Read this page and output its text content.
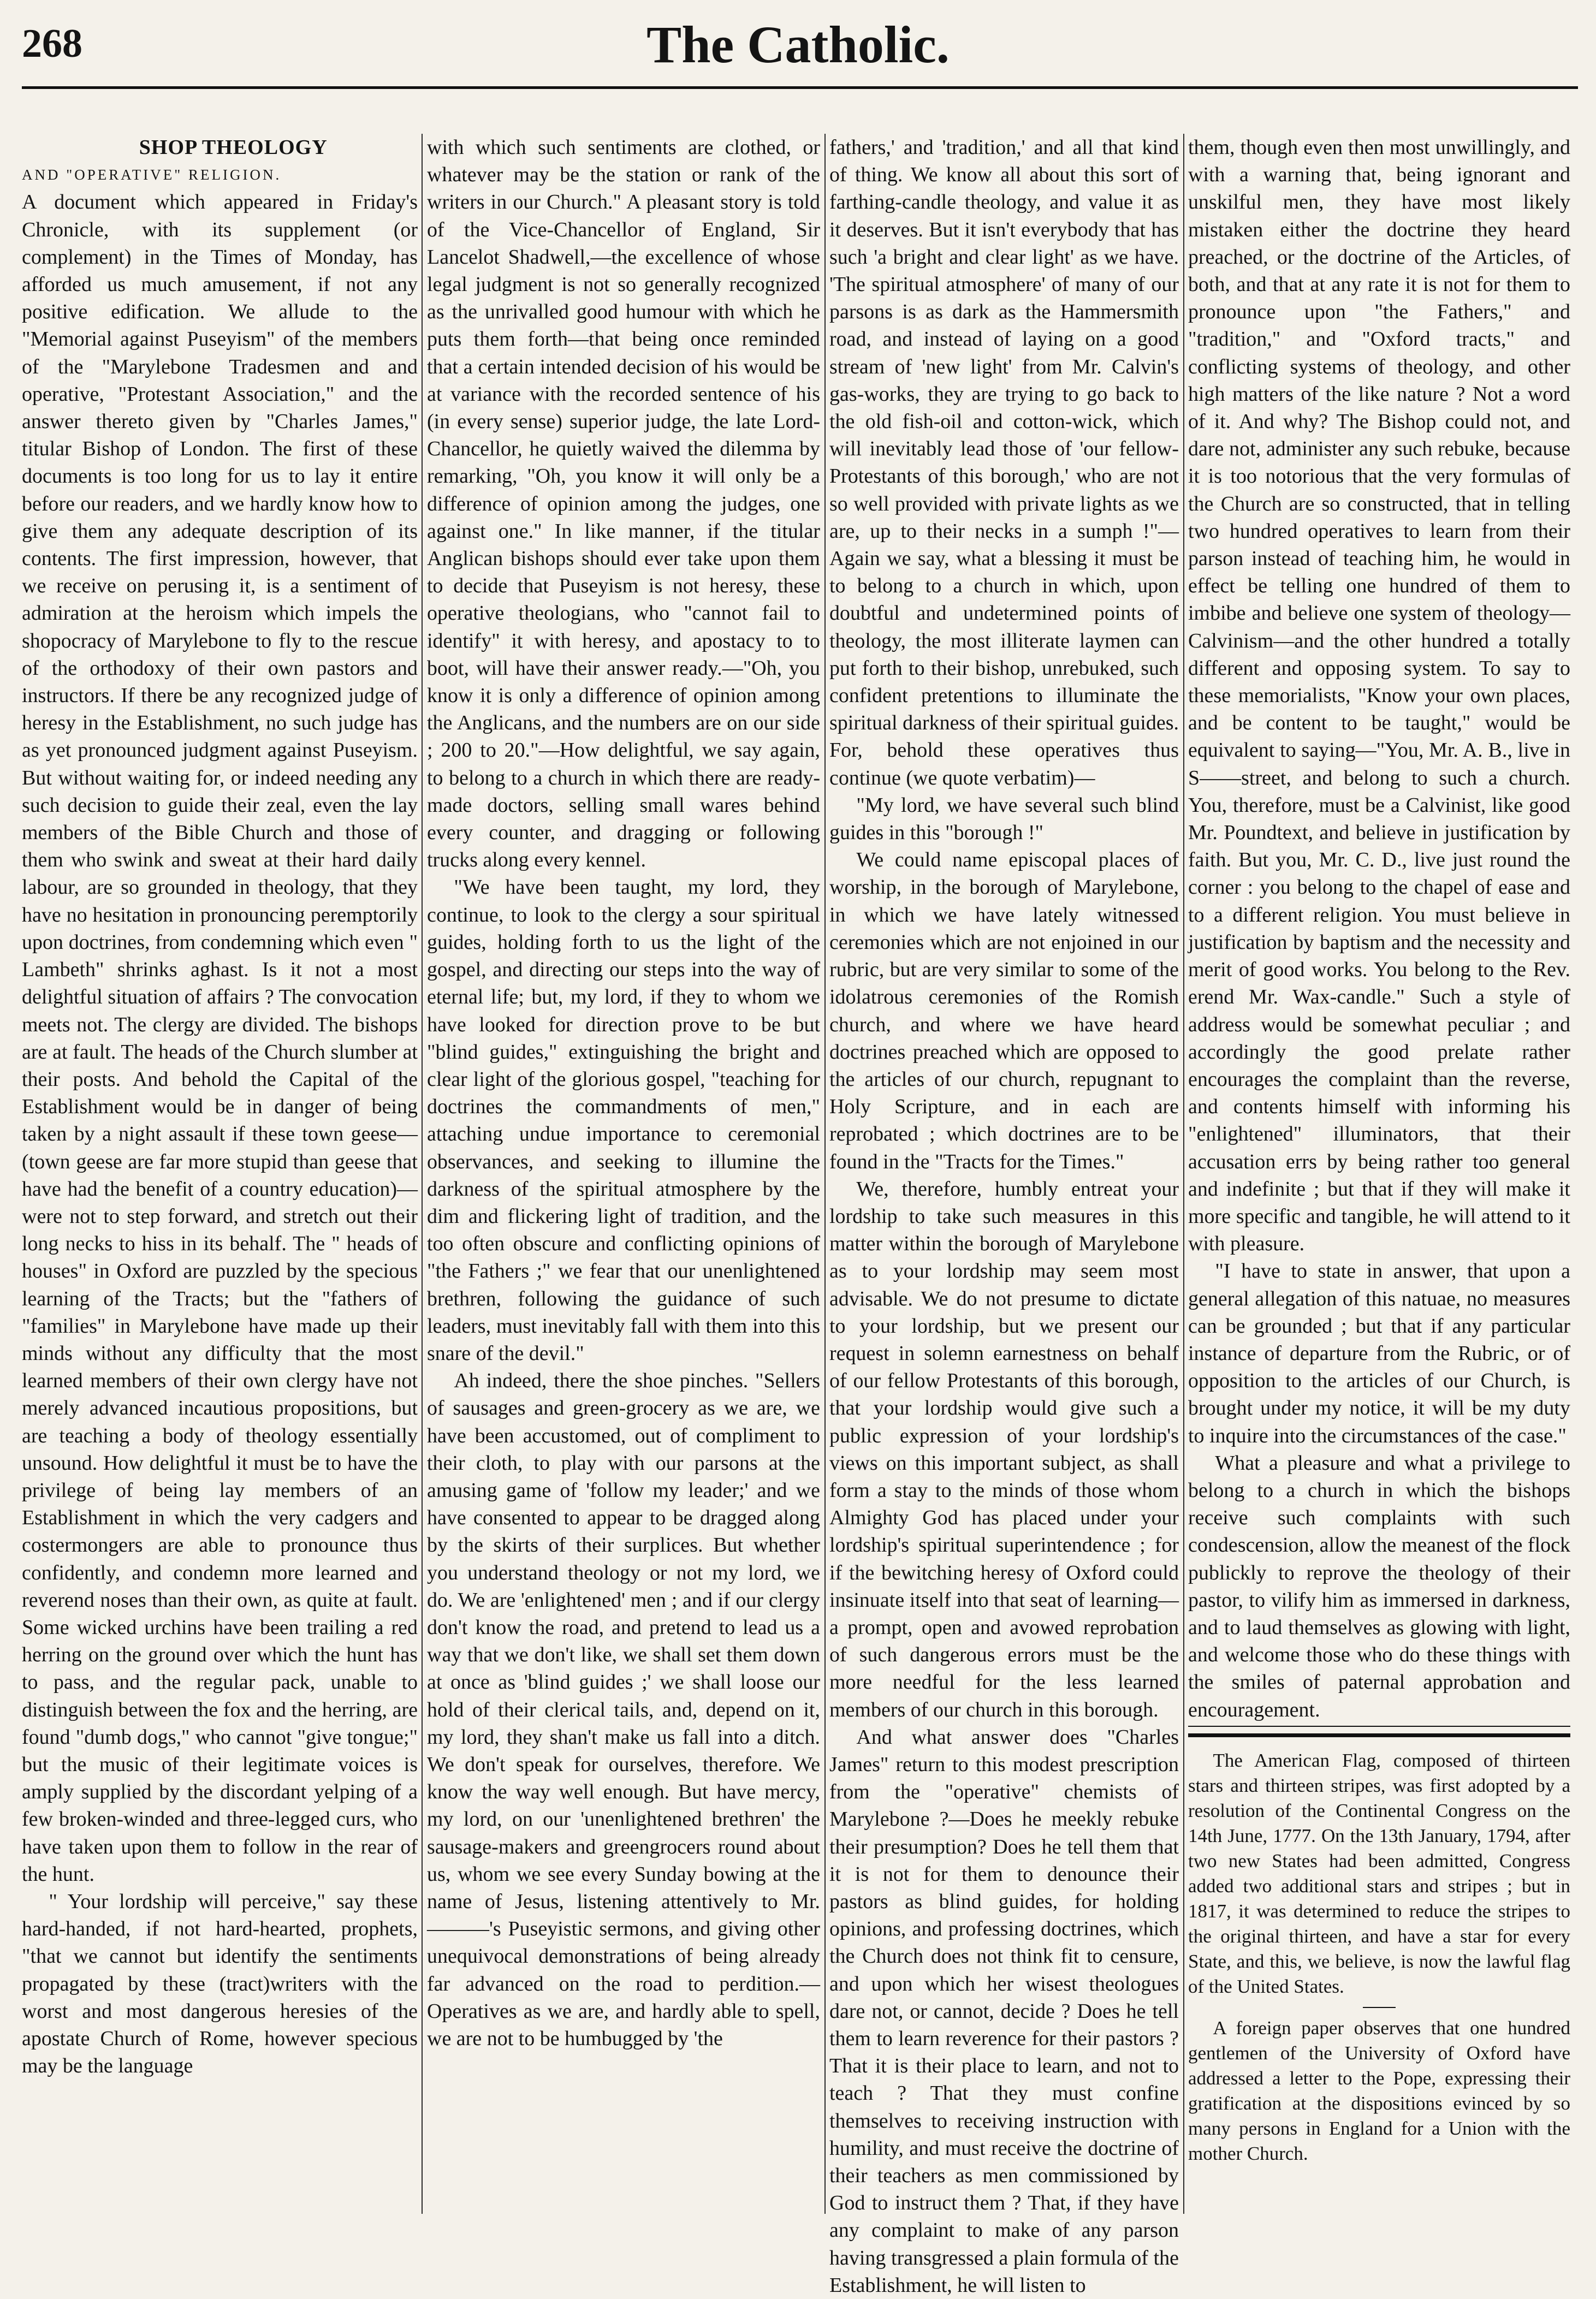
268	The Catholic.

SHOP THEOLOGY

AND "OPERATIVE" RELIGION.

A document which appeared in Friday's Chronicle, with its supplement (or complement) in the Times of Monday, has afforded us much amusement, if not any positive edification. We allude to the "Memorial against Puseyism" of the members of the "Marylebone Tradesmen and and operative, "Protestant Association," and the answer thereto given by "Charles James," titular Bishop of London. The first of these documents is too long for us to lay it entire before our readers, and we hardly know how to give them any adequate description of its contents. The first impression, however, that we receive on perusing it, is a sentiment of admiration at the heroism which impels the shopocracy of Marylebone to fly to the rescue of the orthodoxy of their own pastors and instructors. If there be any recognized judge of heresy in the Establishment, no such judge has as yet pronounced judgment against Puseyism. But without waiting for, or indeed needing any such decision to guide their zeal, even the lay members of the Bible Church and those of them who swink and sweat at their hard daily labour, are so grounded in theology, that they have no hesitation in pronouncing peremptorily upon doctrines, from condemning which even " Lambeth" shrinks aghast. Is it not a most delightful situation of affairs ? The convocation meets not. The clergy are divided. The bishops are at fault. The heads of the Church slumber at their posts. And behold the Capital of the Establishment would be in danger of being taken by a night assault if these town geese—(town geese are far more stupid than geese that have had the benefit of a country education)—were not to step forward, and stretch out their long necks to hiss in its behalf. The " heads of houses" in Oxford are puzzled by the specious learning of the Tracts; but the "fathers of "families" in Marylebone have made up their minds without any difficulty that the most learned members of their own clergy have not merely advanced incautious propositions, but are teaching a body of theology essentially unsound. How delightful it must be to have the privilege of being lay members of an Establishment in which the very cadgers and costermongers are able to pronounce thus confidently, and condemn more learned and reverend noses than their own, as quite at fault. Some wicked urchins have been trailing a red herring on the ground over which the hunt has to pass, and the regular pack, unable to distinguish between the fox and the herring, are found "dumb dogs," who cannot "give tongue;" but the music of their legitimate voices is amply supplied by the discordant yelping of a few broken-winded and three-legged curs, who have taken upon them to follow in the rear of the hunt.

" Your lordship will perceive," say these hard-handed, if not hard-hearted, prophets, "that we cannot but identify the sentiments propagated by these (tract)writers with the worst and most dangerous heresies of the apostate Church of Rome, however specious may be the language

with which such sentiments are clothed, or whatever may be the station or rank of the writers in our Church." A pleasant story is told of the Vice-Chancellor of England, Sir Lancelot Shadwell,—the excellence of whose legal judgment is not so generally recognized as the unrivalled good humour with which he puts them forth—that being once reminded that a certain intended decision of his would be at variance with the recorded sentence of his (in every sense) superior judge, the late Lord-Chancellor, he quietly waived the dilemma by remarking, "Oh, you know it will only be a difference of opinion among the judges, one against one." In like manner, if the titular Anglican bishops should ever take upon them to decide that Puseyism is not heresy, these operative theologians, who "cannot fail to identify" it with heresy, and apostacy to to boot, will have their answer ready.—"Oh, you know it is only a difference of opinion among the Anglicans, and the numbers are on our side ; 200 to 20."—How delightful, we say again, to belong to a church in which there are ready-made doctors, selling small wares behind every counter, and dragging or following trucks along every kennel.

"We have been taught, my lord, they continue, to look to the clergy a sour spiritual guides, holding forth to us the light of the gospel, and directing our steps into the way of eternal life; but, my lord, if they to whom we have looked for direction prove to be but "blind guides," extinguishing the bright and clear light of the glorious gospel, "teaching for doctrines the commandments of men," attaching undue importance to ceremonial observances, and seeking to illumine the darkness of the spiritual atmosphere by the dim and flickering light of tradition, and the too often obscure and conflicting opinions of "the Fathers ;" we fear that our unenlightened brethren, following the guidance of such leaders, must inevitably fall with them into this snare of the devil."

Ah indeed, there the shoe pinches. "Sellers of sausages and green-grocery as we are, we have been accustomed, out of compliment to their cloth, to play with our parsons at the amusing game of 'follow my leader;' and we have consented to appear to be dragged along by the skirts of their surplices. But whether you understand theology or not my lord, we do. We are 'enlightened' men ; and if our clergy don't know the road, and pretend to lead us a way that we don't like, we shall set them down at once as 'blind guides ;' we shall loose our hold of their clerical tails, and, depend on it, my lord, they shan't make us fall into a ditch. We don't speak for ourselves, therefore. We know the way well enough. But have mercy, my lord, on our 'unenlightened brethren' the sausage-makers and greengrocers round about us, whom we see every Sunday bowing at the name of Jesus, listening attentively to Mr.———'s Puseyistic sermons, and giving other unequivocal demonstrations of being already far advanced on the road to perdition.—Operatives as we are, and hardly able to spell, we are not to be humbugged by 'the

fathers,' and 'tradition,' and all that kind of thing. We know all about this sort of farthing-candle theology, and value it as it deserves. But it isn't everybody that has such 'a bright and clear light' as we have. 'The spiritual atmosphere' of many of our parsons is as dark as the Hammersmith road, and instead of laying on a good stream of 'new light' from Mr. Calvin's gas-works, they are trying to go back to the old fish-oil and cotton-wick, which will inevitably lead those of 'our fellow-Protestants of this borough,' who are not so well provided with private lights as we are, up to their necks in a sumph !"— Again we say, what a blessing it must be to belong to a church in which, upon doubtful and undetermined points of theology, the most illiterate laymen can put forth to their bishop, unrebuked, such confident pretentions to illuminate the spiritual darkness of their spiritual guides. For, behold these operatives thus continue (we quote verbatim)—

"My lord, we have several such blind guides in this "borough !"

We could name episcopal places of worship, in the borough of Marylebone, in which we have lately witnessed ceremonies which are not enjoined in our rubric, but are very similar to some of the idolatrous ceremonies of the Romish church, and where we have heard doctrines preached which are opposed to the articles of our church, repugnant to Holy Scripture, and in each are reprobated ; which doctrines are to be found in the "Tracts for the Times."

We, therefore, humbly entreat your lordship to take such measures in this matter within the borough of Marylebone as to your lordship may seem most advisable. We do not presume to dictate to your lordship, but we present our request in solemn earnestness on behalf of our fellow Protestants of this borough, that your lordship would give such a public expression of your lordship's views on this important subject, as shall form a stay to the minds of those whom Almighty God has placed under your lordship's spiritual superintendence ; for if the bewitching heresy of Oxford could insinuate itself into that seat of learning—a prompt, open and avowed reprobation of such dangerous errors must be the more needful for the less learned members of our church in this borough.

And what answer does "Charles James" return to this modest prescription from the "operative" chemists of Marylebone ?—Does he meekly rebuke their presumption? Does he tell them that it is not for them to denounce their pastors as blind guides, for holding opinions, and professing doctrines, which the Church does not think fit to censure, and upon which her wisest theologues dare not, or cannot, decide ? Does he tell them to learn reverence for their pastors ? That it is their place to learn, and not to teach ? That they must confine themselves to receiving instruction with humility, and must receive the doctrine of their teachers as men commissioned by God to instruct them ? That, if they have any complaint to make of any parson having transgressed a plain formula of the Establishment, he will listen to

them, though even then most unwillingly, and with a warning that, being ignorant and unskilful men, they have most likely mistaken either the doctrine they heard preached, or the doctrine of the Articles, of both, and that at any rate it is not for them to pronounce upon "the Fathers," and "tradition," and "Oxford tracts," and conflicting systems of theology, and other high matters of the like nature ? Not a word of it. And why? The Bishop could not, and dare not, administer any such rebuke, because it is too notorious that the very formulas of the Church are so constructed, that in telling two hundred operatives to learn from their parson instead of teaching him, he would in effect be telling one hundred of them to imbibe and believe one system of theology—Calvinism—and the other hundred a totally different and opposing system. To say to these memorialists, "Know your own places, and be content to be taught," would be equivalent to saying—"You, Mr. A. B., live in S——street, and belong to such a church. You, therefore, must be a Calvinist, like good Mr. Poundtext, and believe in justification by faith. But you, Mr. C. D., live just round the corner : you belong to the chapel of ease and to a different religion. You must believe in justification by baptism and the necessity and merit of good works. You belong to the Rev. erend Mr. Wax-candle." Such a style of address would be somewhat peculiar ; and accordingly the good prelate rather encourages the complaint than the reverse, and contents himself with informing his "enlightened" illuminators, that their accusation errs by being rather too general and indefinite ; but that if they will make it more specific and tangible, he will attend to it with pleasure.

"I have to state in answer, that upon a general allegation of this natuae, no measures can be grounded ; but that if any particular instance of departure from the Rubric, or of opposition to the articles of our Church, is brought under my notice, it will be my duty to inquire into the circumstances of the case."

What a pleasure and what a privilege to belong to a church in which the bishops receive such complaints with such condescension, allow the meanest of the flock publickly to reprove the theology of their pastor, to vilify him as immersed in darkness, and to laud themselves as glowing with light, and welcome those who do these things with the smiles of paternal approbation and encouragement.

The American Flag, composed of thirteen stars and thirteen stripes, was first adopted by a resolution of the Continental Congress on the 14th June, 1777. On the 13th January, 1794, after two new States had been admitted, Congress added two additional stars and stripes ; but in 1817, it was determined to reduce the stripes to the original thirteen, and have a star for every State, and this, we believe, is now the lawful flag of the United States.

A foreign paper observes that one hundred gentlemen of the University of Oxford have addressed a letter to the Pope, expressing their gratification at the dispositions evinced by so many persons in England for a Union with the mother Church.
